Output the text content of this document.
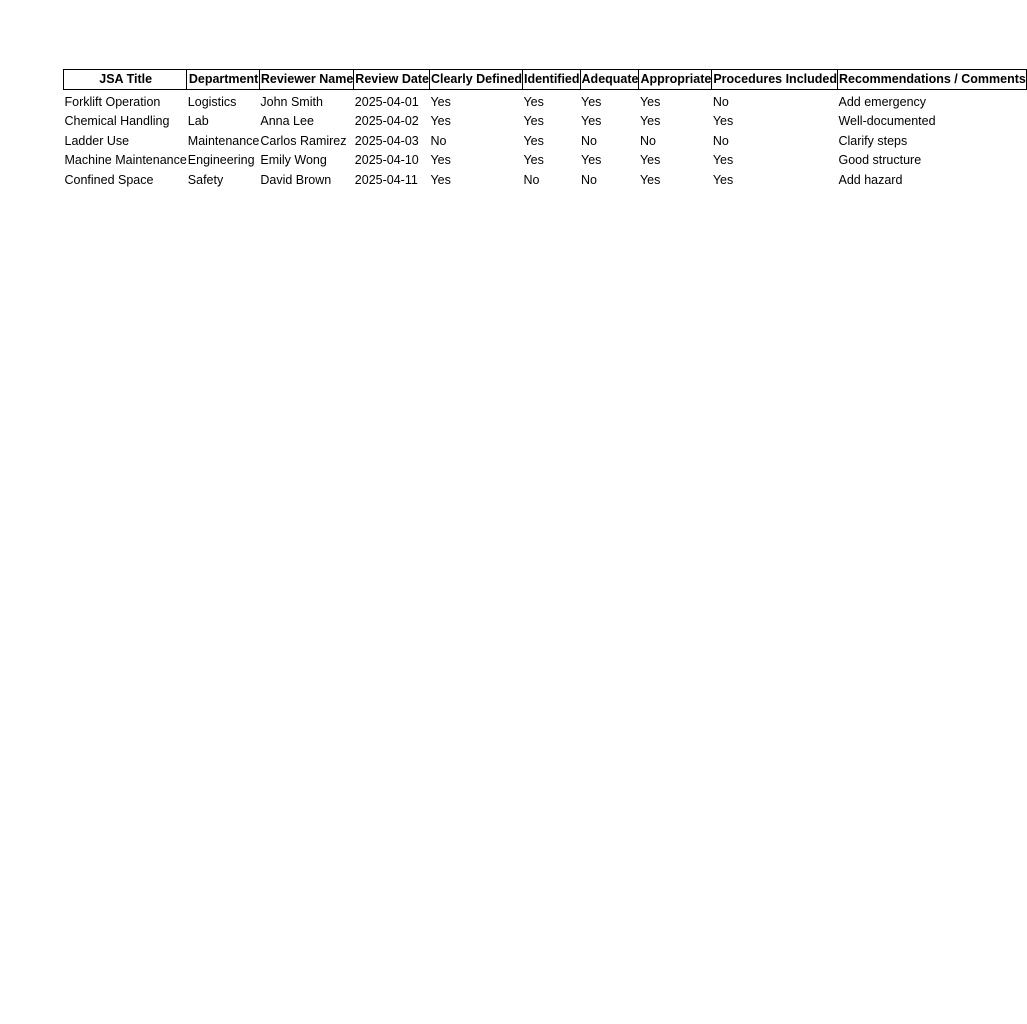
JSA Title	Department	Reviewer Name	Review Date	Clearly Defined	Identified	Adequate	Appropriate	Procedures Included	Recommendations / Comments
Forklift Operation	Logistics	John Smith	2025-04-01	Yes	Yes	Yes	Yes	No	Add emergency
Chemical Handling	Lab	Anna Lee	2025-04-02	Yes	Yes	Yes	Yes	Yes	Well-documented
Ladder Use	Maintenance	Carlos Ramirez	2025-04-03	No	Yes	No	No	No	Clarify steps
Machine Maintenance	Engineering	Emily Wong	2025-04-10	Yes	Yes	Yes	Yes	Yes	Good structure
Confined Space	Safety	David Brown	2025-04-11	Yes	No	No	Yes	Yes	Add hazard
